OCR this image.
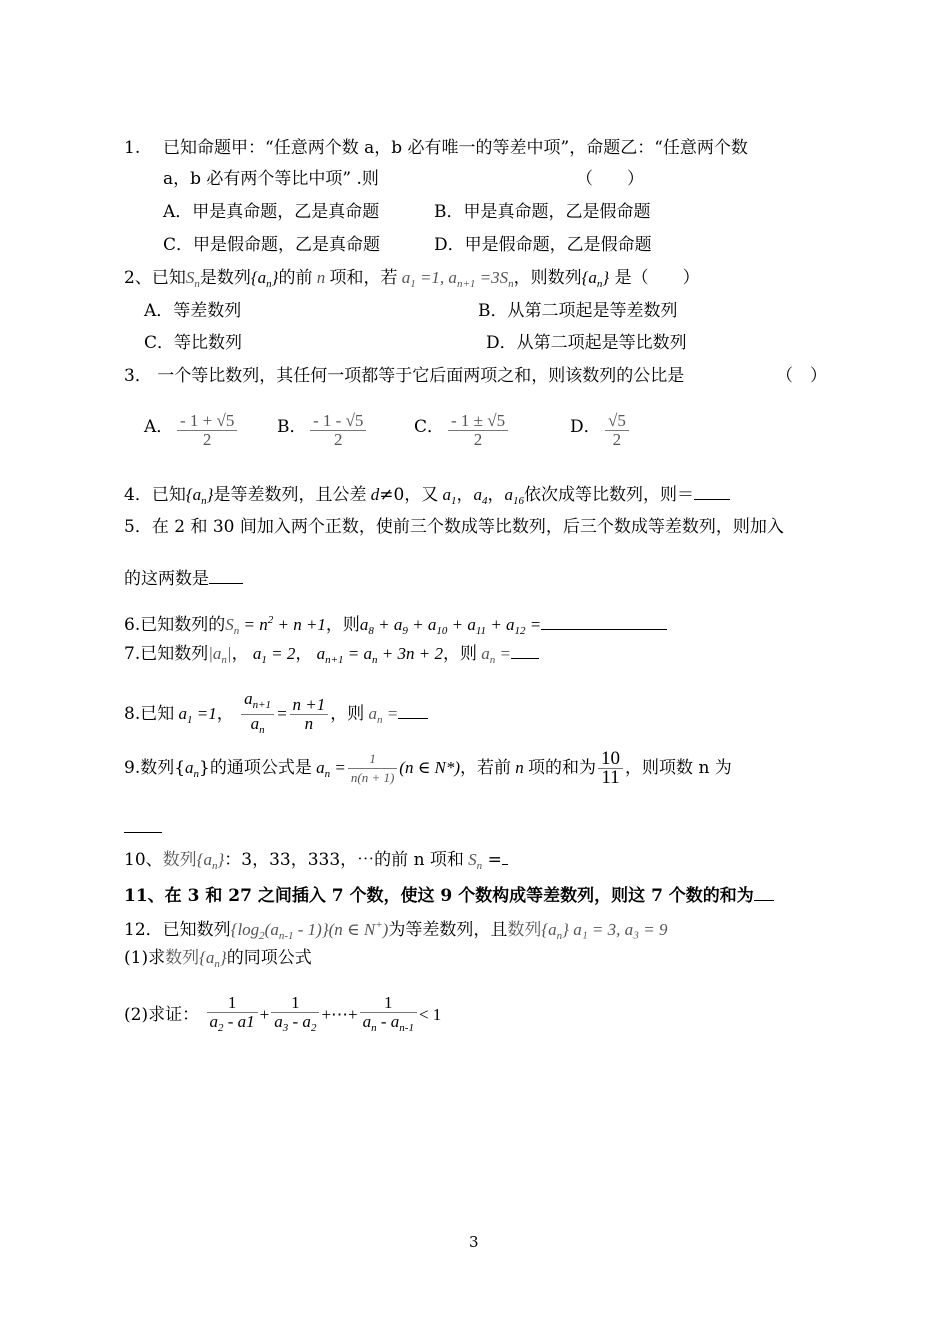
1. 已知命题甲：“任意两个数 a，b 必有唯一的等差中项”，命题乙：“任意两个数
a，b 必有两个等比中项” .则	（　　）
A．甲是真命题，乙是真命题	B．甲是真命题，乙是假命题
C．甲是假命题，乙是真命题	D．甲是假命题，乙是假命题
2、已知$S_n$是数列$\{a_n\}$的前 n 项和，若 $a_1 =1$, $a_{n+1} =3S_n$，则数列$\{a_n\}$ 是（　　）
A．等差数列	B．从第二项起是等差数列
C．等比数列	D．从第二项起是等比数列
3． 一个等比数列，其任何一项都等于它后面两项之和，则该数列的公比是	（　）
A． $\frac{- 1 + √5}{2}$ B． $\frac{- 1 - √5}{2}$	C． $\frac{- 1 \pm √5}{2}$	D． $\frac{√5}{2}$
4．已知$\{a_n\}$是等差数列，且公差 d≠0，又 $a_1$，$a_4$，$a_{16}$依次成等比数列，则＝
5．在 2 和 30 间加入两个正数，使前三个数成等比数列，后三个数成等差数列，则加入
的这两数是
6.已知数列的$S_n = n^2 + n +1$，则$a_8 + a_9 + a_{10} + a_{11} + a_{12}$ =
7.已知数列$|a_n|$， $a_1 = 2$， $a_{n+1} = a_n + 3n + 2$，则 $a_n$ =
8.已知 $a_1 =1$， $\frac{a_{n+1}}{a_n} = \frac{n +1}{n}$ ，则 $a_n$ =
9.数列$\{a_n\}$的通项公式是 $a_n = \frac{1}{n(n + 1)} (n$ ∈ N*)，若前 n 项的和为 $\frac{10}{11}$ ，则项数 n 为
10、数列$\{a_n\}$：3，33，333，⋯的前 n 项和 $S_n$ =
11、在 3 和 27 之间插入 7 个数，使这 9 个数构成等差数列，则这 7 个数的和为
12．已知数列$\{\log_2(a_{n-1} - 1)\}(n$ ∈ N+)为等差数列，且数列$\{a_n\} a_1 = 3$, a₃ = 9
(1)求数列$\{a_n\}$的同项公式
(2)求证： $\frac{1}{a_2 - a1} + \frac{1}{a_3 - a_2}$ +⋯+ $\frac{1}{a_n - a_{n-1}} < 1$
3
